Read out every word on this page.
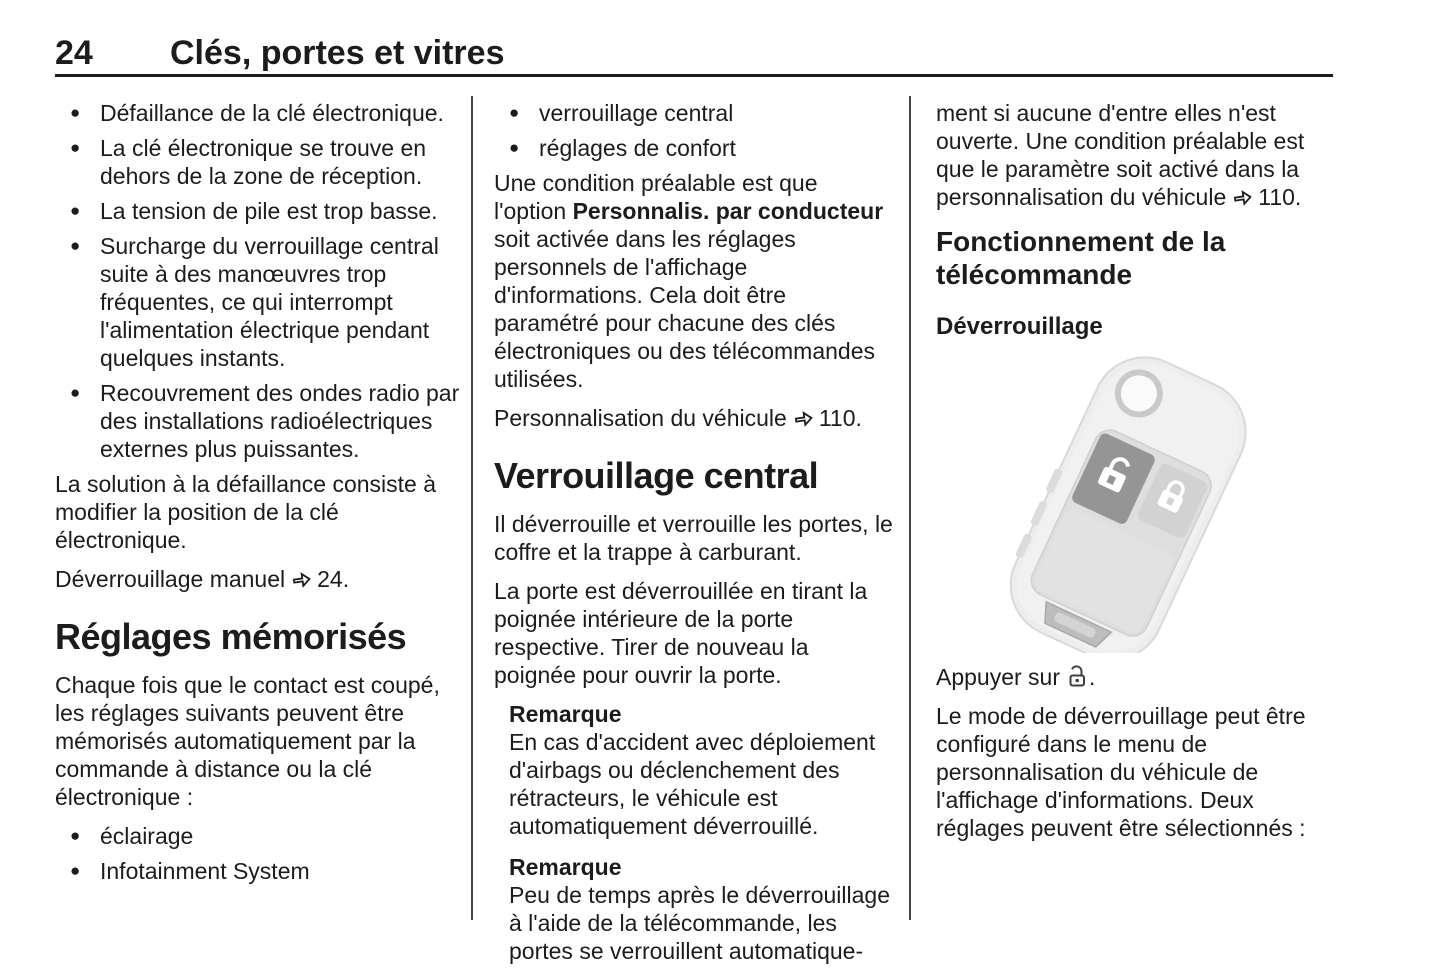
24 Clés, portes et vitres
● Défaillance de la clé électronique.
● La clé électronique se trouve en dehors de la zone de réception.
● La tension de pile est trop basse.
● Surcharge du verrouillage central suite à des manœuvres trop fréquentes, ce qui interrompt l'alimentation électrique pendant quelques instants.
● Recouvrement des ondes radio par des installations radioélectriques externes plus puissantes.

La solution à la défaillance consiste à modifier la position de la clé électronique.

Déverrouillage manuel 24.

Réglages mémorisés

Chaque fois que le contact est coupé, les réglages suivants peuvent être mémorisés automatiquement par la commande à distance ou la clé électronique :

● éclairage
● Infotainment System
● verrouillage central
● réglages de confort

Une condition préalable est que l'option Personnalis. par conducteur soit activée dans les réglages personnels de l'affichage d'informations. Cela doit être paramétré pour chacune des clés électroniques ou des télécommandes utilisées.

Personnalisation du véhicule 110.

Verrouillage central

Il déverrouille et verrouille les portes, le coffre et la trappe à carburant.

La porte est déverrouillée en tirant la poignée intérieure de la porte respective. Tirer de nouveau la poignée pour ouvrir la porte.

Remarque
En cas d'accident avec déploiement d'airbags ou déclenchement des rétracteurs, le véhicule est automatiquement déverrouillé.
Remarque
Peu de temps après le déverrouillage à l'aide de la télécommande, les portes se verrouillent automatique-

ment si aucune d'entre elles n'est ouverte. Une condition préalable est que le paramètre soit activé dans la personnalisation du véhicule 110.

Fonctionnement de la télécommande
Déverrouillage

Appuyer sur .

Le mode de déverrouillage peut être configuré dans le menu de personnalisation du véhicule de l'affichage d'informations. Deux réglages peuvent être sélectionnés :
